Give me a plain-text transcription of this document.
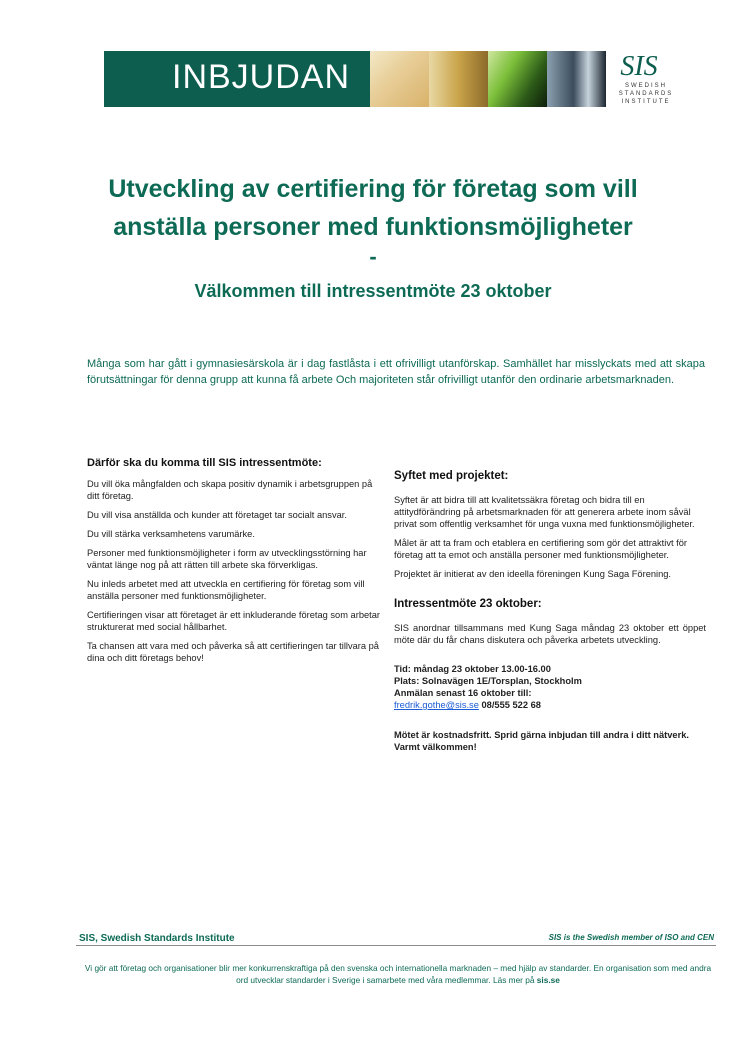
INBJUDAN	SIS
SWEDISH
STANDARDS
INSTITUTE
Utveckling av certifiering för företag som vill
anställa personer med funktionsmöjligheter
-
Välkommen till intressentmöte 23 oktober
Många som har gått i gymnasiesärskola är i dag fastlåsta i ett ofrivilligt utanförskap. Samhället har misslyckats med att skapa förutsättningar för denna grupp att kunna få arbete Och majoriteten står ofrivilligt utanför den ordinarie arbetsmarknaden.
Därför ska du komma till SIS intressentmöte:

Du vill öka mångfalden och skapa positiv dynamik i arbetsgruppen på ditt företag.

Du vill visa anställda och kunder att företaget tar socialt ansvar.

Du vill stärka verksamhetens varumärke.

Personer med funktionsmöjligheter i form av utvecklingsstörning har väntat länge nog på att rätten till arbete ska förverkligas.

Nu inleds arbetet med att utveckla en certifiering för företag som vill anställa personer med funktionsmöjligheter.

Certifieringen visar att företaget är ett inkluderande företag som arbetar strukturerat med social hållbarhet.

Ta chansen att vara med och påverka så att certifieringen tar tillvara på dina och ditt företags behov!

Syftet med projektet:

Syftet är att bidra till att kvalitetssäkra företag och bidra till en attitydförändring på arbetsmarknaden för att generera arbete inom såväl privat som offentlig verksamhet för unga vuxna med funktionsmöjligheter.

Målet är att ta fram och etablera en certifiering som gör det attraktivt för företag att ta emot och anställa personer med funktionsmöjligheter.

Projektet är initierat av den ideella föreningen Kung Saga Förening.

Intressentmöte 23 oktober:

SIS anordnar tillsammans med Kung Saga måndag 23 oktober ett öppet möte där du får chans diskutera och påverka arbetets utveckling.

Tid: måndag 23 oktober 13.00-16.00
Plats: Solnavägen 1E/Torsplan, Stockholm
Anmälan senast 16 oktober till:
fredrik.gothe@sis.se 08/555 522 68
Mötet är kostnadsfritt. Sprid gärna inbjudan till andra i ditt nätverk. Varmt välkommen!
SIS, Swedish Standards Institute	SIS is the Swedish member of ISO and CEN
Vi gör att företag och organisationer blir mer konkurrenskraftiga på den svenska och internationella marknaden – med hjälp av standarder. En organisation som med andra ord utvecklar standarder i Sverige i samarbete med våra medlemmar. Läs mer på sis.se
